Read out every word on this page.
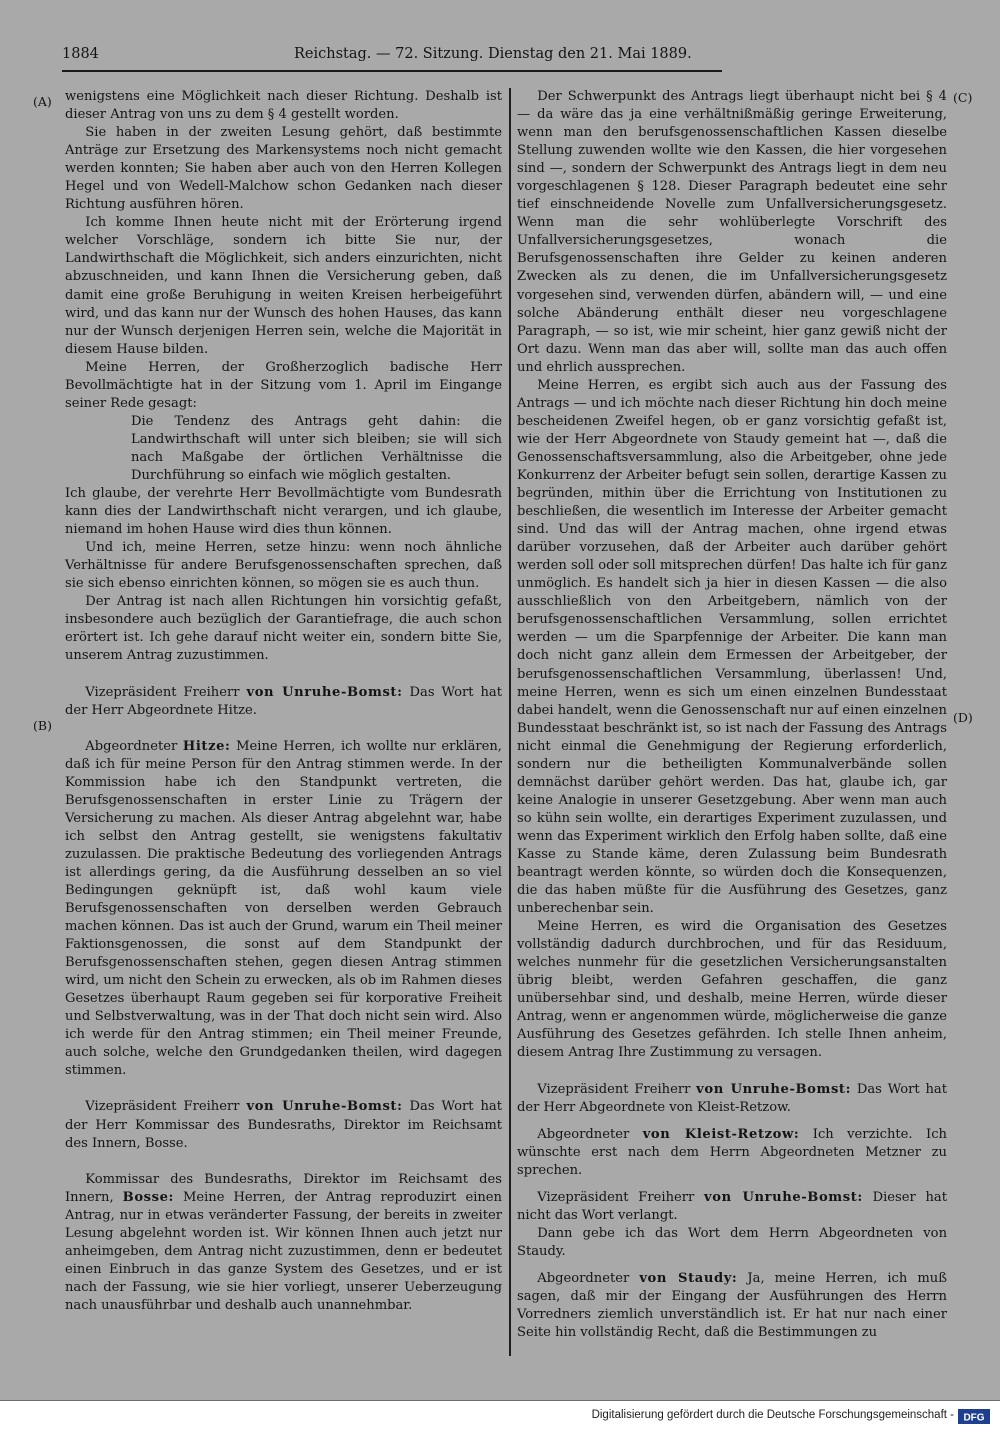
1884	Reichstag. — 72. Sitzung. Dienstag den 21. Mai 1889.
(A)
(B)
(C)
(D)

wenigstens eine Möglichkeit nach dieser Richtung. Deshalb ist dieser Antrag von uns zu dem § 4 gestellt worden.

Sie haben in der zweiten Lesung gehört, daß bestimmte Anträge zur Ersetzung des Markensystems noch nicht gemacht werden konnten; Sie haben aber auch von den Herren Kollegen Hegel und von Wedell-Malchow schon Gedanken nach dieser Richtung ausführen hören.

Ich komme Ihnen heute nicht mit der Erörterung irgend welcher Vorschläge, sondern ich bitte Sie nur, der Landwirthschaft die Möglichkeit, sich anders einzurichten, nicht abzuschneiden, und kann Ihnen die Versicherung geben, daß damit eine große Beruhigung in weiten Kreisen herbeigeführt wird, und das kann nur der Wunsch des hohen Hauses, das kann nur der Wunsch derjenigen Herren sein, welche die Majorität in diesem Hause bilden.

Meine Herren, der Großherzoglich badische Herr Bevollmächtigte hat in der Sitzung vom 1. April im Eingange seiner Rede gesagt:

Die Tendenz des Antrags geht dahin: die Landwirthschaft will unter sich bleiben; sie will sich nach Maßgabe der örtlichen Verhältnisse die Durchführung so einfach wie möglich gestalten.

Ich glaube, der verehrte Herr Bevollmächtigte vom Bundesrath kann dies der Landwirthschaft nicht verargen, und ich glaube, niemand im hohen Hause wird dies thun können.

Und ich, meine Herren, setze hinzu: wenn noch ähnliche Verhältnisse für andere Berufsgenossenschaften sprechen, daß sie sich ebenso einrichten können, so mögen sie es auch thun.

Der Antrag ist nach allen Richtungen hin vorsichtig gefaßt, insbesondere auch bezüglich der Garantiefrage, die auch schon erörtert ist. Ich gehe darauf nicht weiter ein, sondern bitte Sie, unserem Antrag zuzustimmen.

Vizepräsident Freiherr von Unruhe-Bomst: Das Wort hat der Herr Abgeordnete Hitze.

Abgeordneter Hitze: Meine Herren, ich wollte nur erklären, daß ich für meine Person für den Antrag stimmen werde. In der Kommission habe ich den Standpunkt vertreten, die Berufsgenossenschaften in erster Linie zu Trägern der Versicherung zu machen. Als dieser Antrag abgelehnt war, habe ich selbst den Antrag gestellt, sie wenigstens fakultativ zuzulassen. Die praktische Bedeutung des vorliegenden Antrags ist allerdings gering, da die Ausführung desselben an so viel Bedingungen geknüpft ist, daß wohl kaum viele Berufsgenossenschaften von derselben werden Gebrauch machen können. Das ist auch der Grund, warum ein Theil meiner Faktionsgenossen, die sonst auf dem Standpunkt der Berufsgenossenschaften stehen, gegen diesen Antrag stimmen wird, um nicht den Schein zu erwecken, als ob im Rahmen dieses Gesetzes überhaupt Raum gegeben sei für korporative Freiheit und Selbstverwaltung, was in der That doch nicht sein wird. Also ich werde für den Antrag stimmen; ein Theil meiner Freunde, auch solche, welche den Grundgedanken theilen, wird dagegen stimmen.

Vizepräsident Freiherr von Unruhe-Bomst: Das Wort hat der Herr Kommissar des Bundesraths, Direktor im Reichsamt des Innern, Bosse.

Kommissar des Bundesraths, Direktor im Reichsamt des Innern, Bosse: Meine Herren, der Antrag reproduzirt einen Antrag, nur in etwas veränderter Fassung, der bereits in zweiter Lesung abgelehnt worden ist. Wir können Ihnen auch jetzt nur anheimgeben, dem Antrag nicht zuzustimmen, denn er bedeutet einen Einbruch in das ganze System des Gesetzes, und er ist nach der Fassung, wie sie hier vorliegt, unserer Ueberzeugung nach unausführbar und deshalb auch unannehmbar.

Der Schwerpunkt des Antrags liegt überhaupt nicht bei § 4 — da wäre das ja eine verhältnißmäßig geringe Erweiterung, wenn man den berufsgenossenschaftlichen Kassen dieselbe Stellung zuwenden wollte wie den Kassen, die hier vorgesehen sind —, sondern der Schwerpunkt des Antrags liegt in dem neu vorgeschlagenen § 128. Dieser Paragraph bedeutet eine sehr tief einschneidende Novelle zum Unfallversicherungsgesetz. Wenn man die sehr wohlüberlegte Vorschrift des Unfallversicherungsgesetzes, wonach die Berufsgenossenschaften ihre Gelder zu keinen anderen Zwecken als zu denen, die im Unfallversicherungsgesetz vorgesehen sind, verwenden dürfen, abändern will, — und eine solche Abänderung enthält dieser neu vorgeschlagene Paragraph, — so ist, wie mir scheint, hier ganz gewiß nicht der Ort dazu. Wenn man das aber will, sollte man das auch offen und ehrlich aussprechen.

Meine Herren, es ergibt sich auch aus der Fassung des Antrags — und ich möchte nach dieser Richtung hin doch meine bescheidenen Zweifel hegen, ob er ganz vorsichtig gefaßt ist, wie der Herr Abgeordnete von Staudy gemeint hat —, daß die Genossenschaftsversammlung, also die Arbeitgeber, ohne jede Konkurrenz der Arbeiter befugt sein sollen, derartige Kassen zu begründen, mithin über die Errichtung von Institutionen zu beschließen, die wesentlich im Interesse der Arbeiter gemacht sind. Und das will der Antrag machen, ohne irgend etwas darüber vorzusehen, daß der Arbeiter auch darüber gehört werden soll oder soll mitsprechen dürfen! Das halte ich für ganz unmöglich. Es handelt sich ja hier in diesen Kassen — die also ausschließlich von den Arbeitgebern, nämlich von der berufsgenossenschaftlichen Versammlung, sollen errichtet werden — um die Sparpfennige der Arbeiter. Die kann man doch nicht ganz allein dem Ermessen der Arbeitgeber, der berufsgenossenschaftlichen Versammlung, überlassen! Und, meine Herren, wenn es sich um einen einzelnen Bundesstaat dabei handelt, wenn die Genossenschaft nur auf einen einzelnen Bundesstaat beschränkt ist, so ist nach der Fassung des Antrags nicht einmal die Genehmigung der Regierung erforderlich, sondern nur die betheiligten Kommunalverbände sollen demnächst darüber gehört werden. Das hat, glaube ich, gar keine Analogie in unserer Gesetzgebung. Aber wenn man auch so kühn sein wollte, ein derartiges Experiment zuzulassen, und wenn das Experiment wirklich den Erfolg haben sollte, daß eine Kasse zu Stande käme, deren Zulassung beim Bundesrath beantragt werden könnte, so würden doch die Konsequenzen, die das haben müßte für die Ausführung des Gesetzes, ganz unberechenbar sein.

Meine Herren, es wird die Organisation des Gesetzes vollständig dadurch durchbrochen, und für das Residuum, welches nunmehr für die gesetzlichen Versicherungsanstalten übrig bleibt, werden Gefahren geschaffen, die ganz unübersehbar sind, und deshalb, meine Herren, würde dieser Antrag, wenn er angenommen würde, möglicherweise die ganze Ausführung des Gesetzes gefährden. Ich stelle Ihnen anheim, diesem Antrag Ihre Zustimmung zu versagen.

Vizepräsident Freiherr von Unruhe-Bomst: Das Wort hat der Herr Abgeordnete von Kleist-Retzow.

Abgeordneter von Kleist-Retzow: Ich verzichte. Ich wünschte erst nach dem Herrn Abgeordneten Metzner zu sprechen.

Vizepräsident Freiherr von Unruhe-Bomst: Dieser hat nicht das Wort verlangt.

Dann gebe ich das Wort dem Herrn Abgeordneten von Staudy.

Abgeordneter von Staudy: Ja, meine Herren, ich muß sagen, daß mir der Eingang der Ausführungen des Herrn Vorredners ziemlich unverständlich ist. Er hat nur nach einer Seite hin vollständig Recht, daß die Bestimmungen zu

Digitalisierung gefördert durch die Deutsche Forschungsgemeinschaft - DFG
